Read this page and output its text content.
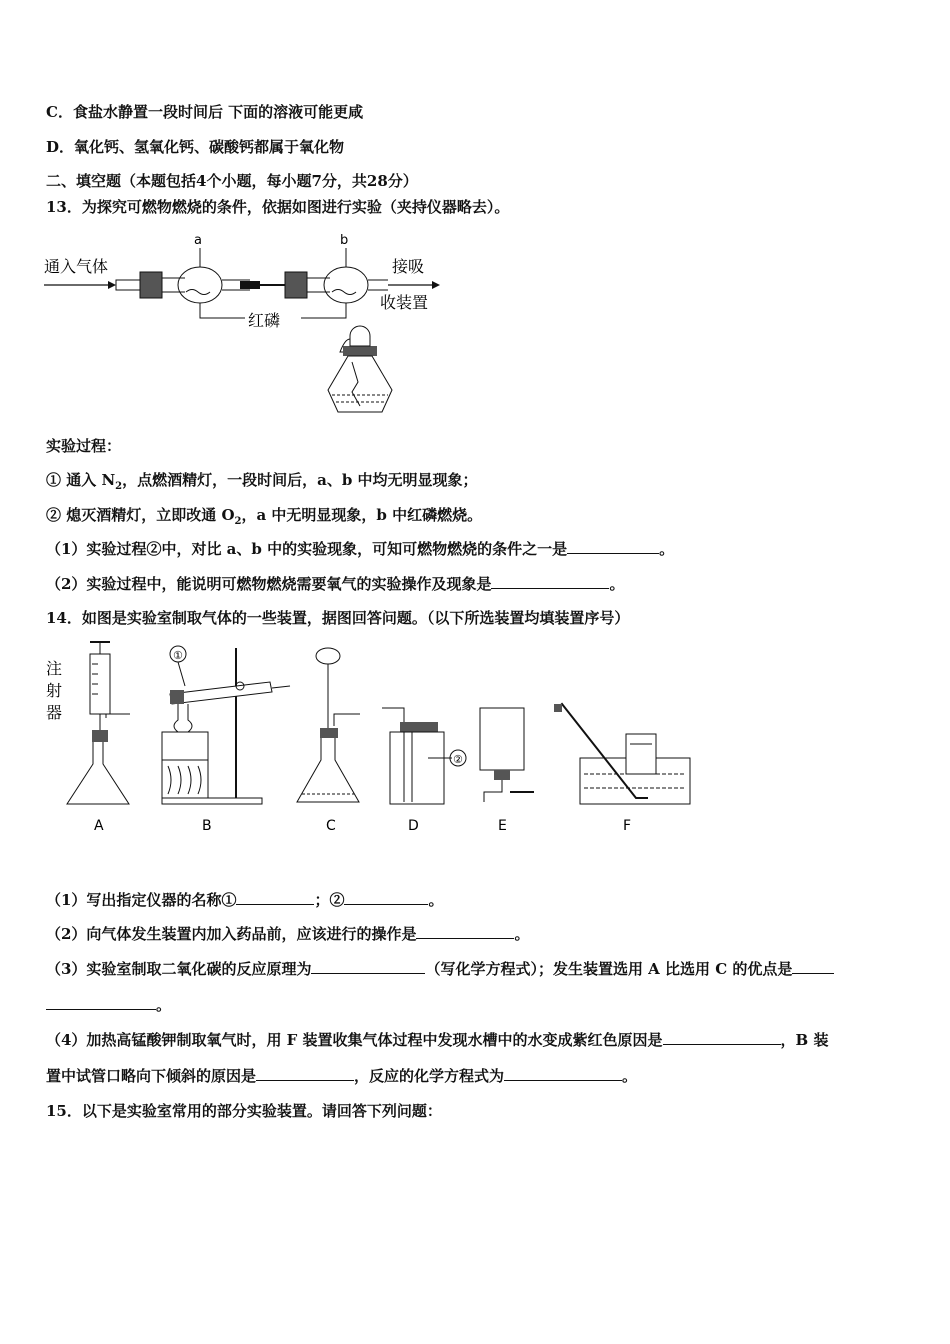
C．食盐水静置一段时间后 下面的溶液可能更咸
D．氧化钙、氢氧化钙、碳酸钙都属于氧化物
二、填空题（本题包括4个小题，每小题7分，共28分）
13．为探究可燃物燃烧的条件，依据如图进行实验（夹持仪器略去）。
通入气体
a	b
接吸
收装置
红磷
实验过程：
① 通入 $N_2$，点燃酒精灯，一段时间后，a、b 中均无明显现象；
② 熄灭酒精灯，立即改通 $O_2$，a 中无明显现象，b 中红磷燃烧。
（1）实验过程②中，对比 a、b 中的实验现象，可知可燃物燃烧的条件之一是	。
（2）实验过程中，能说明可燃物燃烧需要氧气的实验操作及现象是	。
14．如图是实验室制取气体的一些装置，据图回答问题。（以下所选装置均填装置序号）
注
射
器
A
①
B	C
②
D	E	F
（1）写出指定仪器的名称①	；②	。
（2）向气体发生装置内加入药品前，应该进行的操作是	。
（3）实验室制取二氧化碳的反应原理为	（写化学方程式）；发生装置选用 A 比选用 C 的优点是
。
（4）加热高锰酸钾制取氧气时，用 F 装置收集气体过程中发现水槽中的水变成紫红色原因是	，B 装
置中试管口略向下倾斜的原因是	，反应的化学方程式为	。
15．以下是实验室常用的部分实验装置。请回答下列问题：
